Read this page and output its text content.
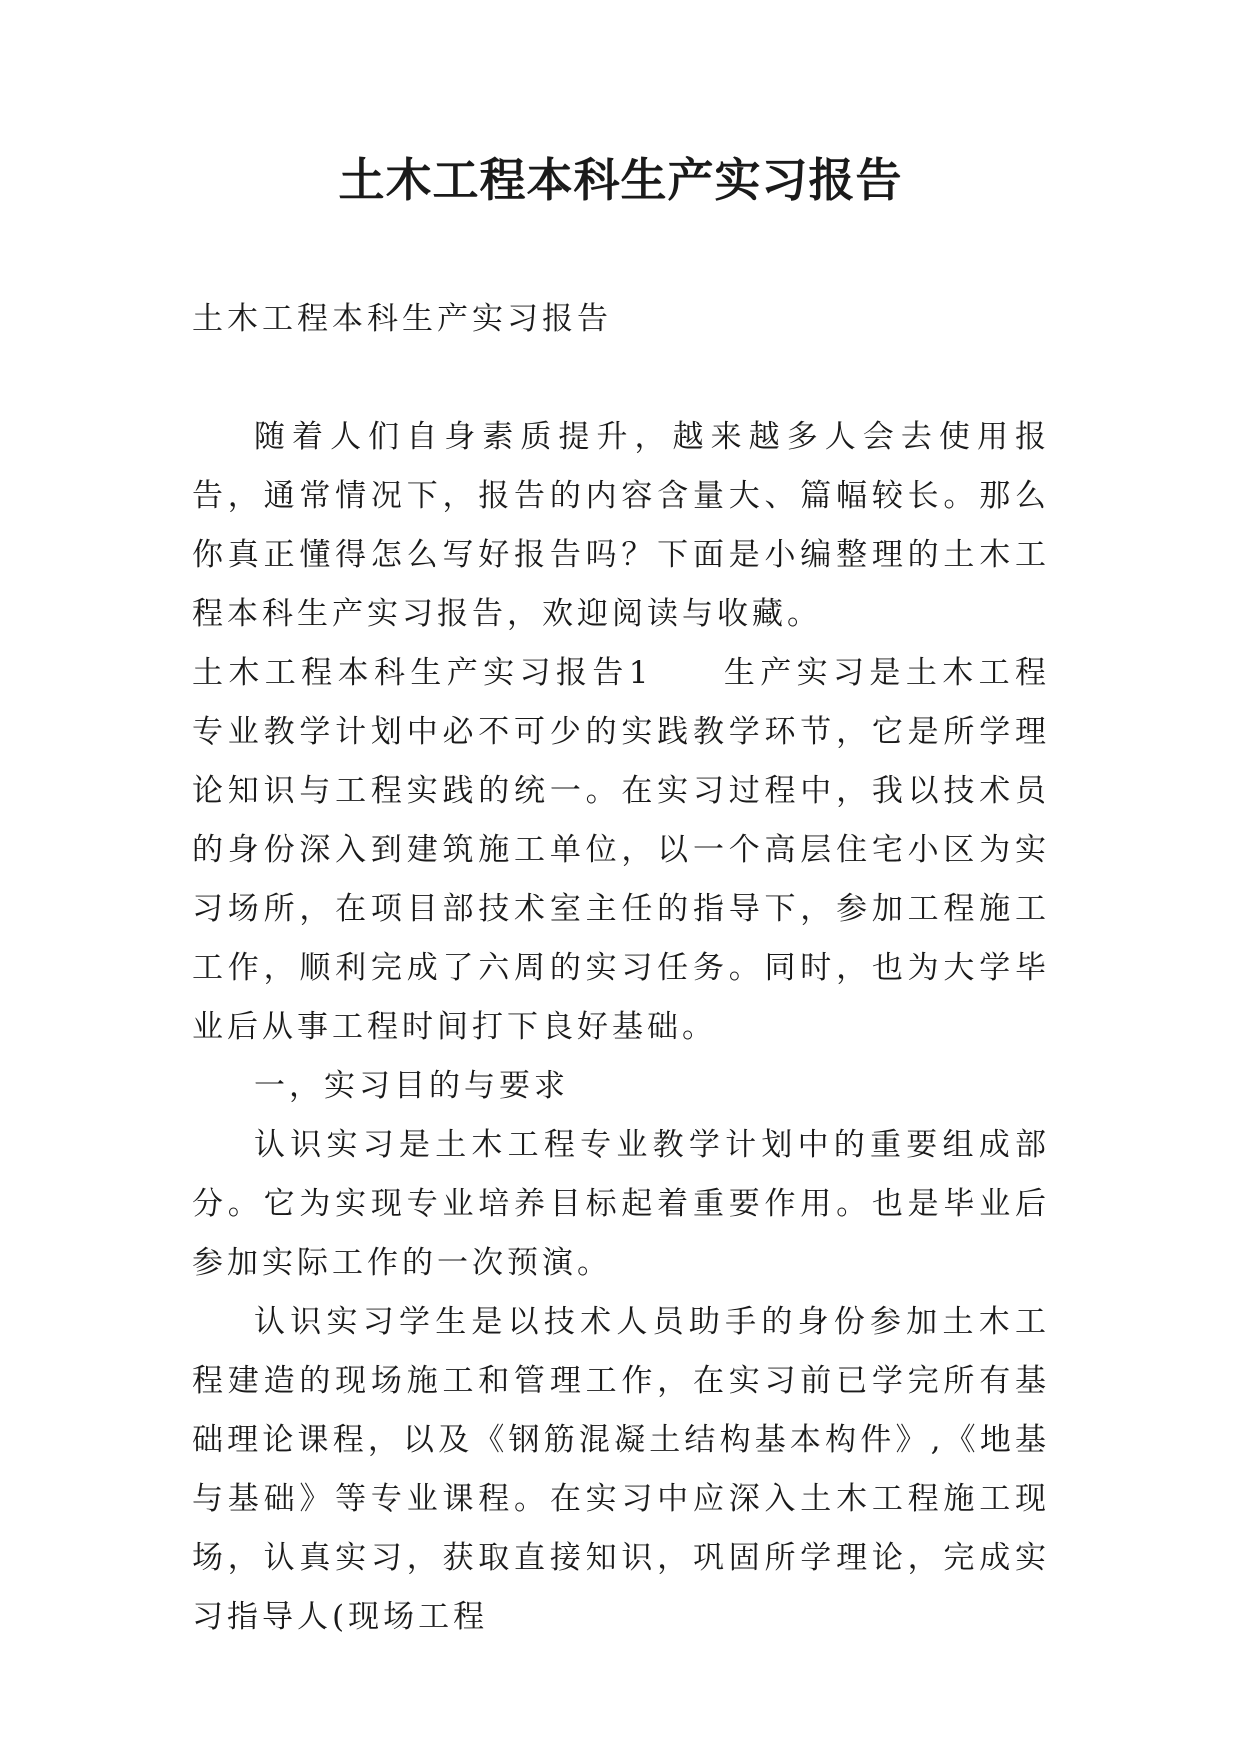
土木工程本科生产实习报告

土木工程本科生产实习报告

随着人们自身素质提升，越来越多人会去使用报告，通常情况下，报告的内容含量大、篇幅较长。那么你真正懂得怎么写好报告吗？下面是小编整理的土木工程本科生产实习报告，欢迎阅读与收藏。

土木工程本科生产实习报告1 生产实习是土木工程专业教学计划中必不可少的实践教学环节，它是所学理论知识与工程实践的统一。在实习过程中，我以技术员的身份深入到建筑施工单位，以一个高层住宅小区为实习场所，在项目部技术室主任的指导下，参加工程施工工作，顺利完成了六周的实习任务。同时，也为大学毕业后从事工程时间打下良好基础。

一，实习目的与要求

认识实习是土木工程专业教学计划中的重要组成部分。它为实现专业培养目标起着重要作用。也是毕业后参加实际工作的一次预演。

认识实习学生是以技术人员助手的身份参加土木工程建造的现场施工和管理工作，在实习前已学完所有基础理论课程，以及《钢筋混凝土结构基本构件》,《地基与基础》等专业课程。在实习中应深入土木工程施工现场，认真实习，获取直接知识，巩固所学理论，完成实习指导人(现场工程
